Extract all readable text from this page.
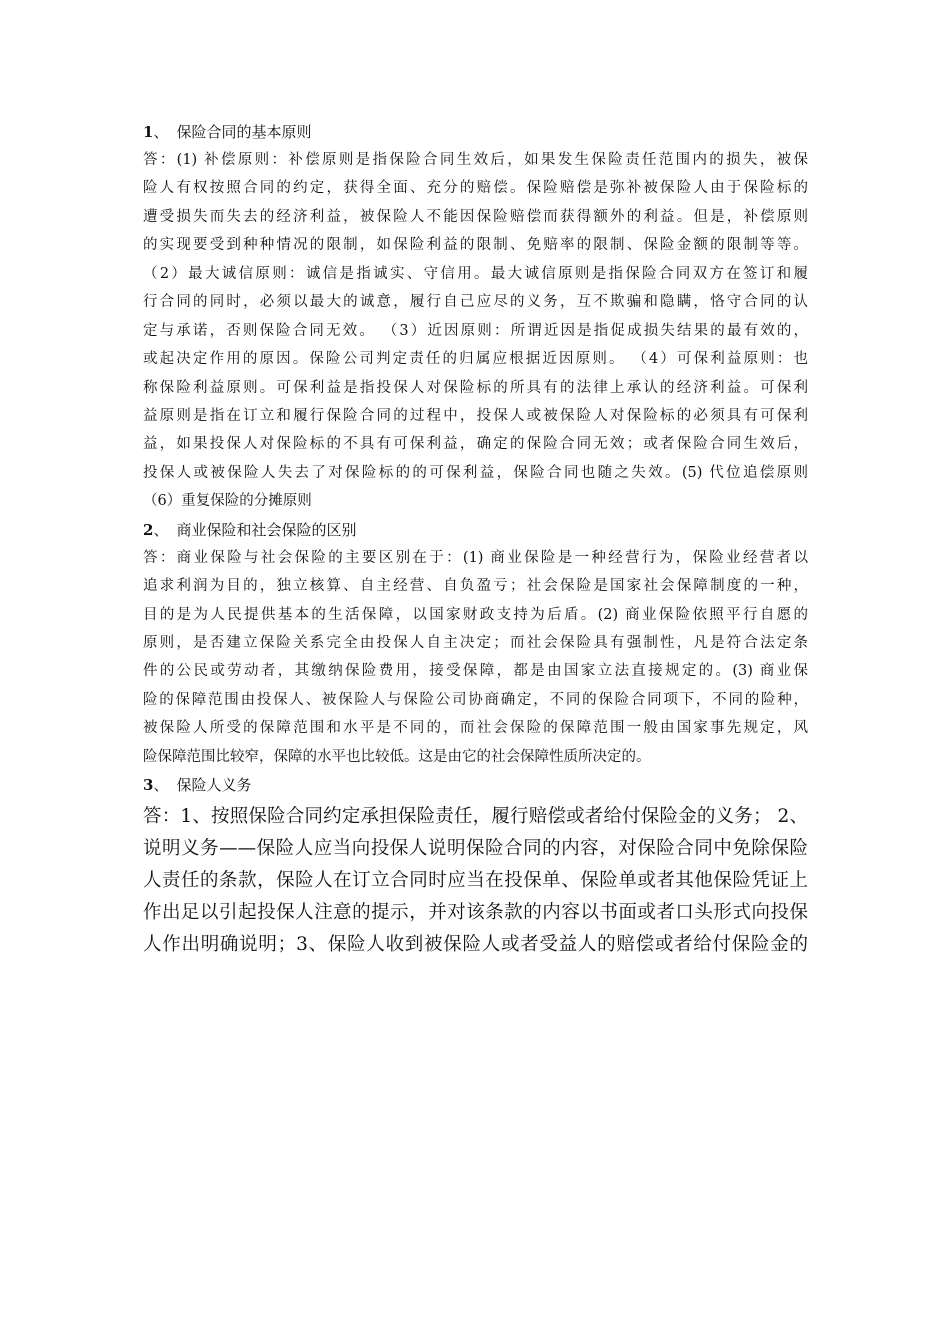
1 、 保险合同的基本原则
答：(1) 补偿原则：补偿原则是指保险合同生效后，如果发生保险责任范围内的损失，被保
险人有权按照合同的约定，获得全面、充分的赔偿。保险赔偿是弥补被保险人由于保险标的
遭受损失而失去的经济利益，被保险人不能因保险赔偿而获得额外的利益。但是，补偿原则
的实现要受到种种情况的限制，如保险利益的限制、免赔率的限制、保险金额的限制等等。
（2）最大诚信原则：诚信是指诚实、守信用。最大诚信原则是指保险合同双方在签订和履
行合同的同时，必须以最大的诚意，履行自己应尽的义务，互不欺骗和隐瞒，恪守合同的认
定与承诺，否则保险合同无效。 （3）近因原则：所谓近因是指促成损失结果的最有效的，
或起决定作用的原因。保险公司判定责任的归属应根据近因原则。 （4）可保利益原则：也
称保险利益原则。可保利益是指投保人对保险标的所具有的法律上承认的经济利益。可保利
益原则是指在订立和履行保险合同的过程中，投保人或被保险人对保险标的必须具有可保利
益，如果投保人对保险标的不具有可保利益，确定的保险合同无效；或者保险合同生效后，
投保人或被保险人失去了对保险标的的可保利益，保险合同也随之失效。(5) 代位追偿原则
（6）重复保险的分摊原则
2 、 商业保险和社会保险的区别
答：商业保险与社会保险的主要区别在于：(1) 商业保险是一种经营行为，保险业经营者以
追求利润为目的，独立核算、自主经营、自负盈亏；社会保险是国家社会保障制度的一种，
目的是为人民提供基本的生活保障，以国家财政支持为后盾。(2) 商业保险依照平行自愿的
原则，是否建立保险关系完全由投保人自主决定；而社会保险具有强制性，凡是符合法定条
件的公民或劳动者，其缴纳保险费用，接受保障，都是由国家立法直接规定的。(3) 商业保
险的保障范围由投保人、被保险人与保险公司协商确定，不同的保险合同项下，不同的险种，
被保险人所受的保障范围和水平是不同的，而社会保险的保障范围一般由国家事先规定，风
险保障范围比较窄，保障的水平也比较低。这是由它的社会保障性质所决定的。
3 、 保险人义务
答：1、按照保险合同约定承担保险责任，履行赔偿或者给付保险金的义务； 2、
说明义务——保险人应当向投保人说明保险合同的内容，对保险合同中免除保险
人责任的条款，保险人在订立合同时应当在投保单、保险单或者其他保险凭证上
作出足以引起投保人注意的提示，并对该条款的内容以书面或者口头形式向投保
人作出明确说明；3、保险人收到被保险人或者受益人的赔偿或者给付保险金的
